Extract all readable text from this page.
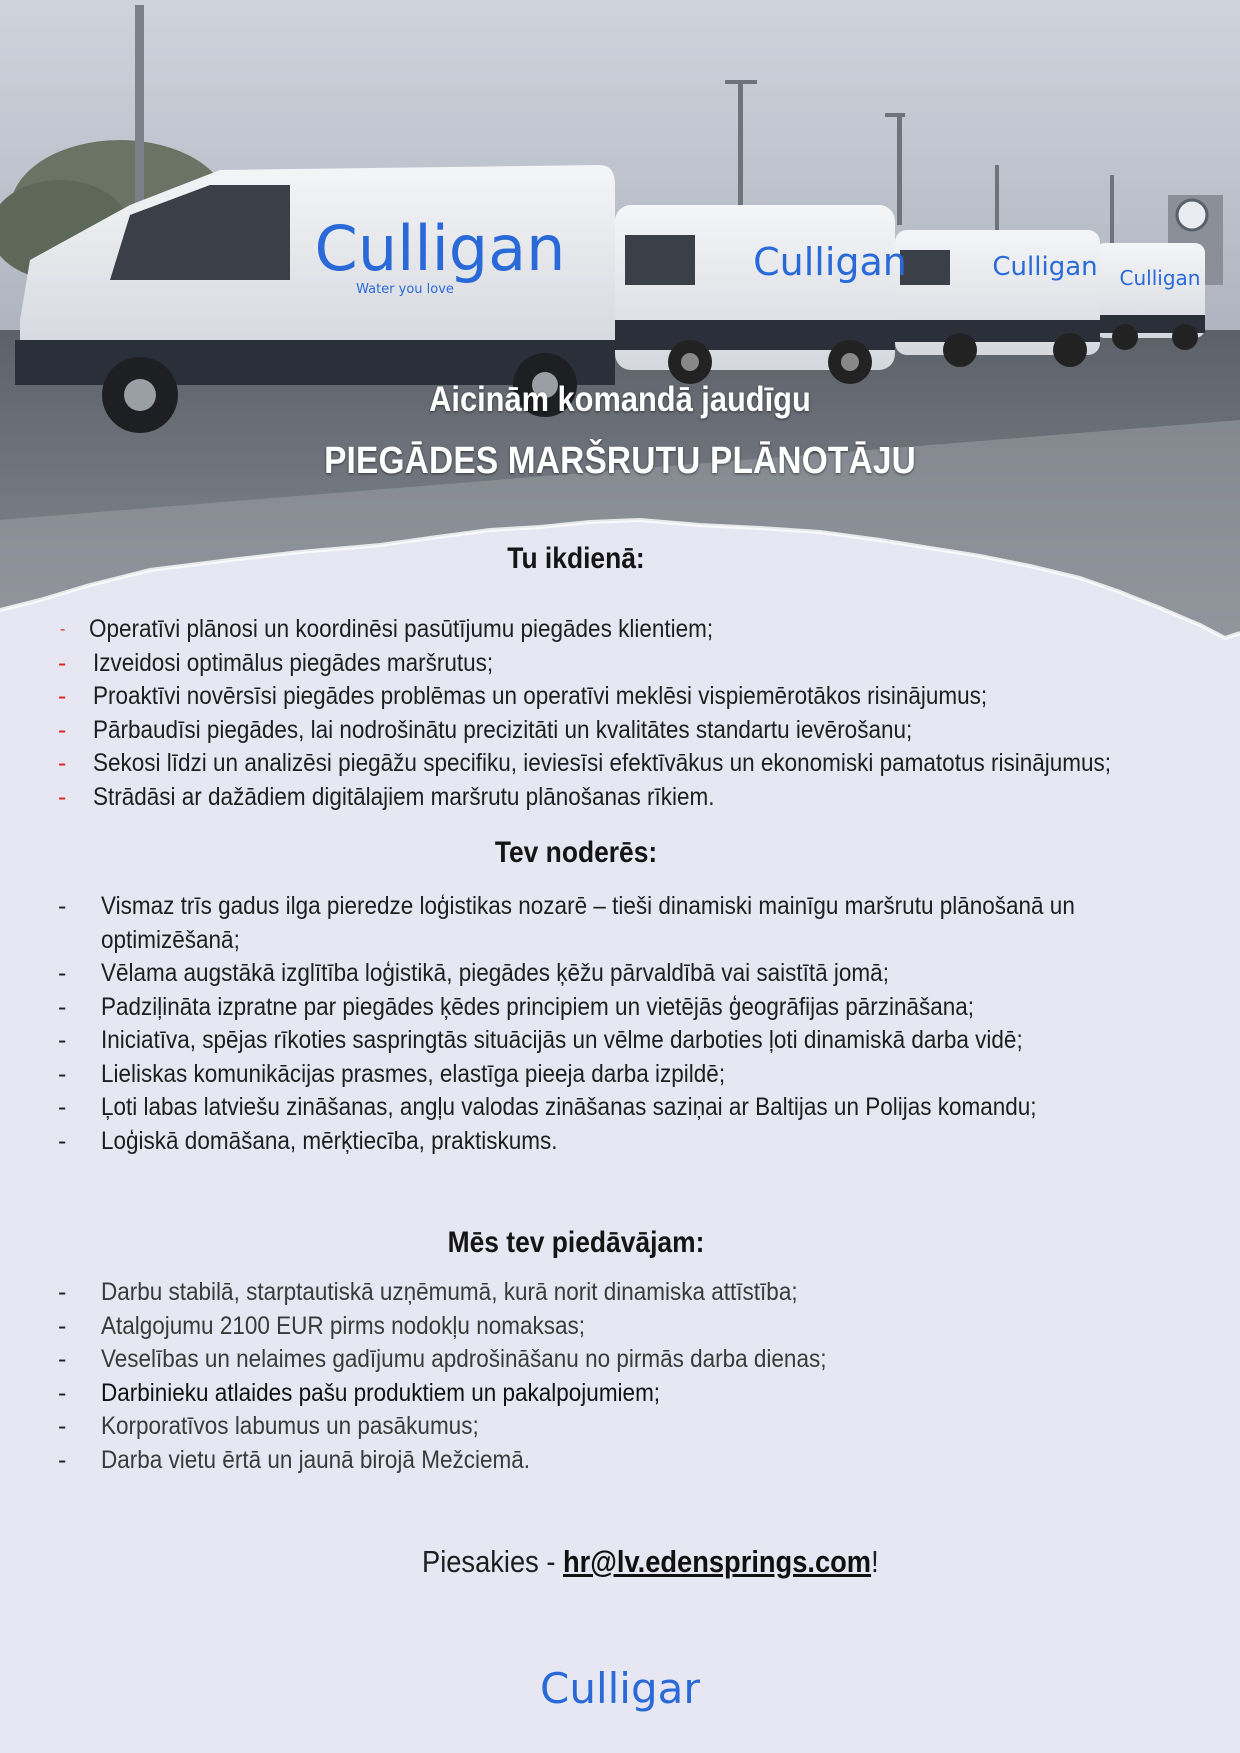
Culligan
Culligan
Culligan
Culligan
Water you love
Aicinām komandā jaudīgu
PIEGĀDES MARŠRUTU PLĀNOTĀJU
Tu ikdienā:
- Operatīvi plānosi un koordinēsi pasūtījumu piegādes klientiem;
-	Izveidosi optimālus piegādes maršrutus;
-	Proaktīvi novērsīsi piegādes problēmas un operatīvi meklēsi vispiemērotākos risinājumus;
-	Pārbaudīsi piegādes, lai nodrošinātu precizitāti un kvalitātes standartu ievērošanu;
-	Sekosi līdzi un analizēsi piegāžu specifiku, ieviesīsi efektīvākus un ekonomiski pamatotus risinājumus;
-	Strādāsi ar dažādiem digitālajiem maršrutu plānošanas rīkiem.
Tev noderēs:
-	Vismaz trīs gadus ilga pieredze loģistikas nozarē – tieši dinamiski mainīgu maršrutu plānošanā un optimizēšanā;
-	Vēlama augstākā izglītība loģistikā, piegādes ķēžu pārvaldībā vai saistītā jomā;
-	Padziļināta izpratne par piegādes ķēdes principiem un vietējās ģeogrāfijas pārzināšana;
-	Iniciatīva, spējas rīkoties saspringtās situācijās un vēlme darboties ļoti dinamiskā darba vidē;
-	Lieliskas komunikācijas prasmes, elastīga pieeja darba izpildē;
-	Ļoti labas latviešu zināšanas, angļu valodas zināšanas saziņai ar Baltijas un Polijas komandu;
-	Loģiskā domāšana, mērķtiecība, praktiskums.
Mēs tev piedāvājam:
-	Darbu stabilā, starptautiskā uzņēmumā, kurā norit dinamiska attīstība;
-	Atalgojumu 2100 EUR pirms nodokļu nomaksas;
-	Veselības un nelaimes gadījumu apdrošināšanu no pirmās darba dienas;
-	Darbinieku atlaides pašu produktiem un pakalpojumiem;
-	Korporatīvos labumus un pasākumus;
-	Darba vietu ērtā un jaunā birojā Mežciemā.
Piesakies - hr@lv.edensprings.com!
Culligan
